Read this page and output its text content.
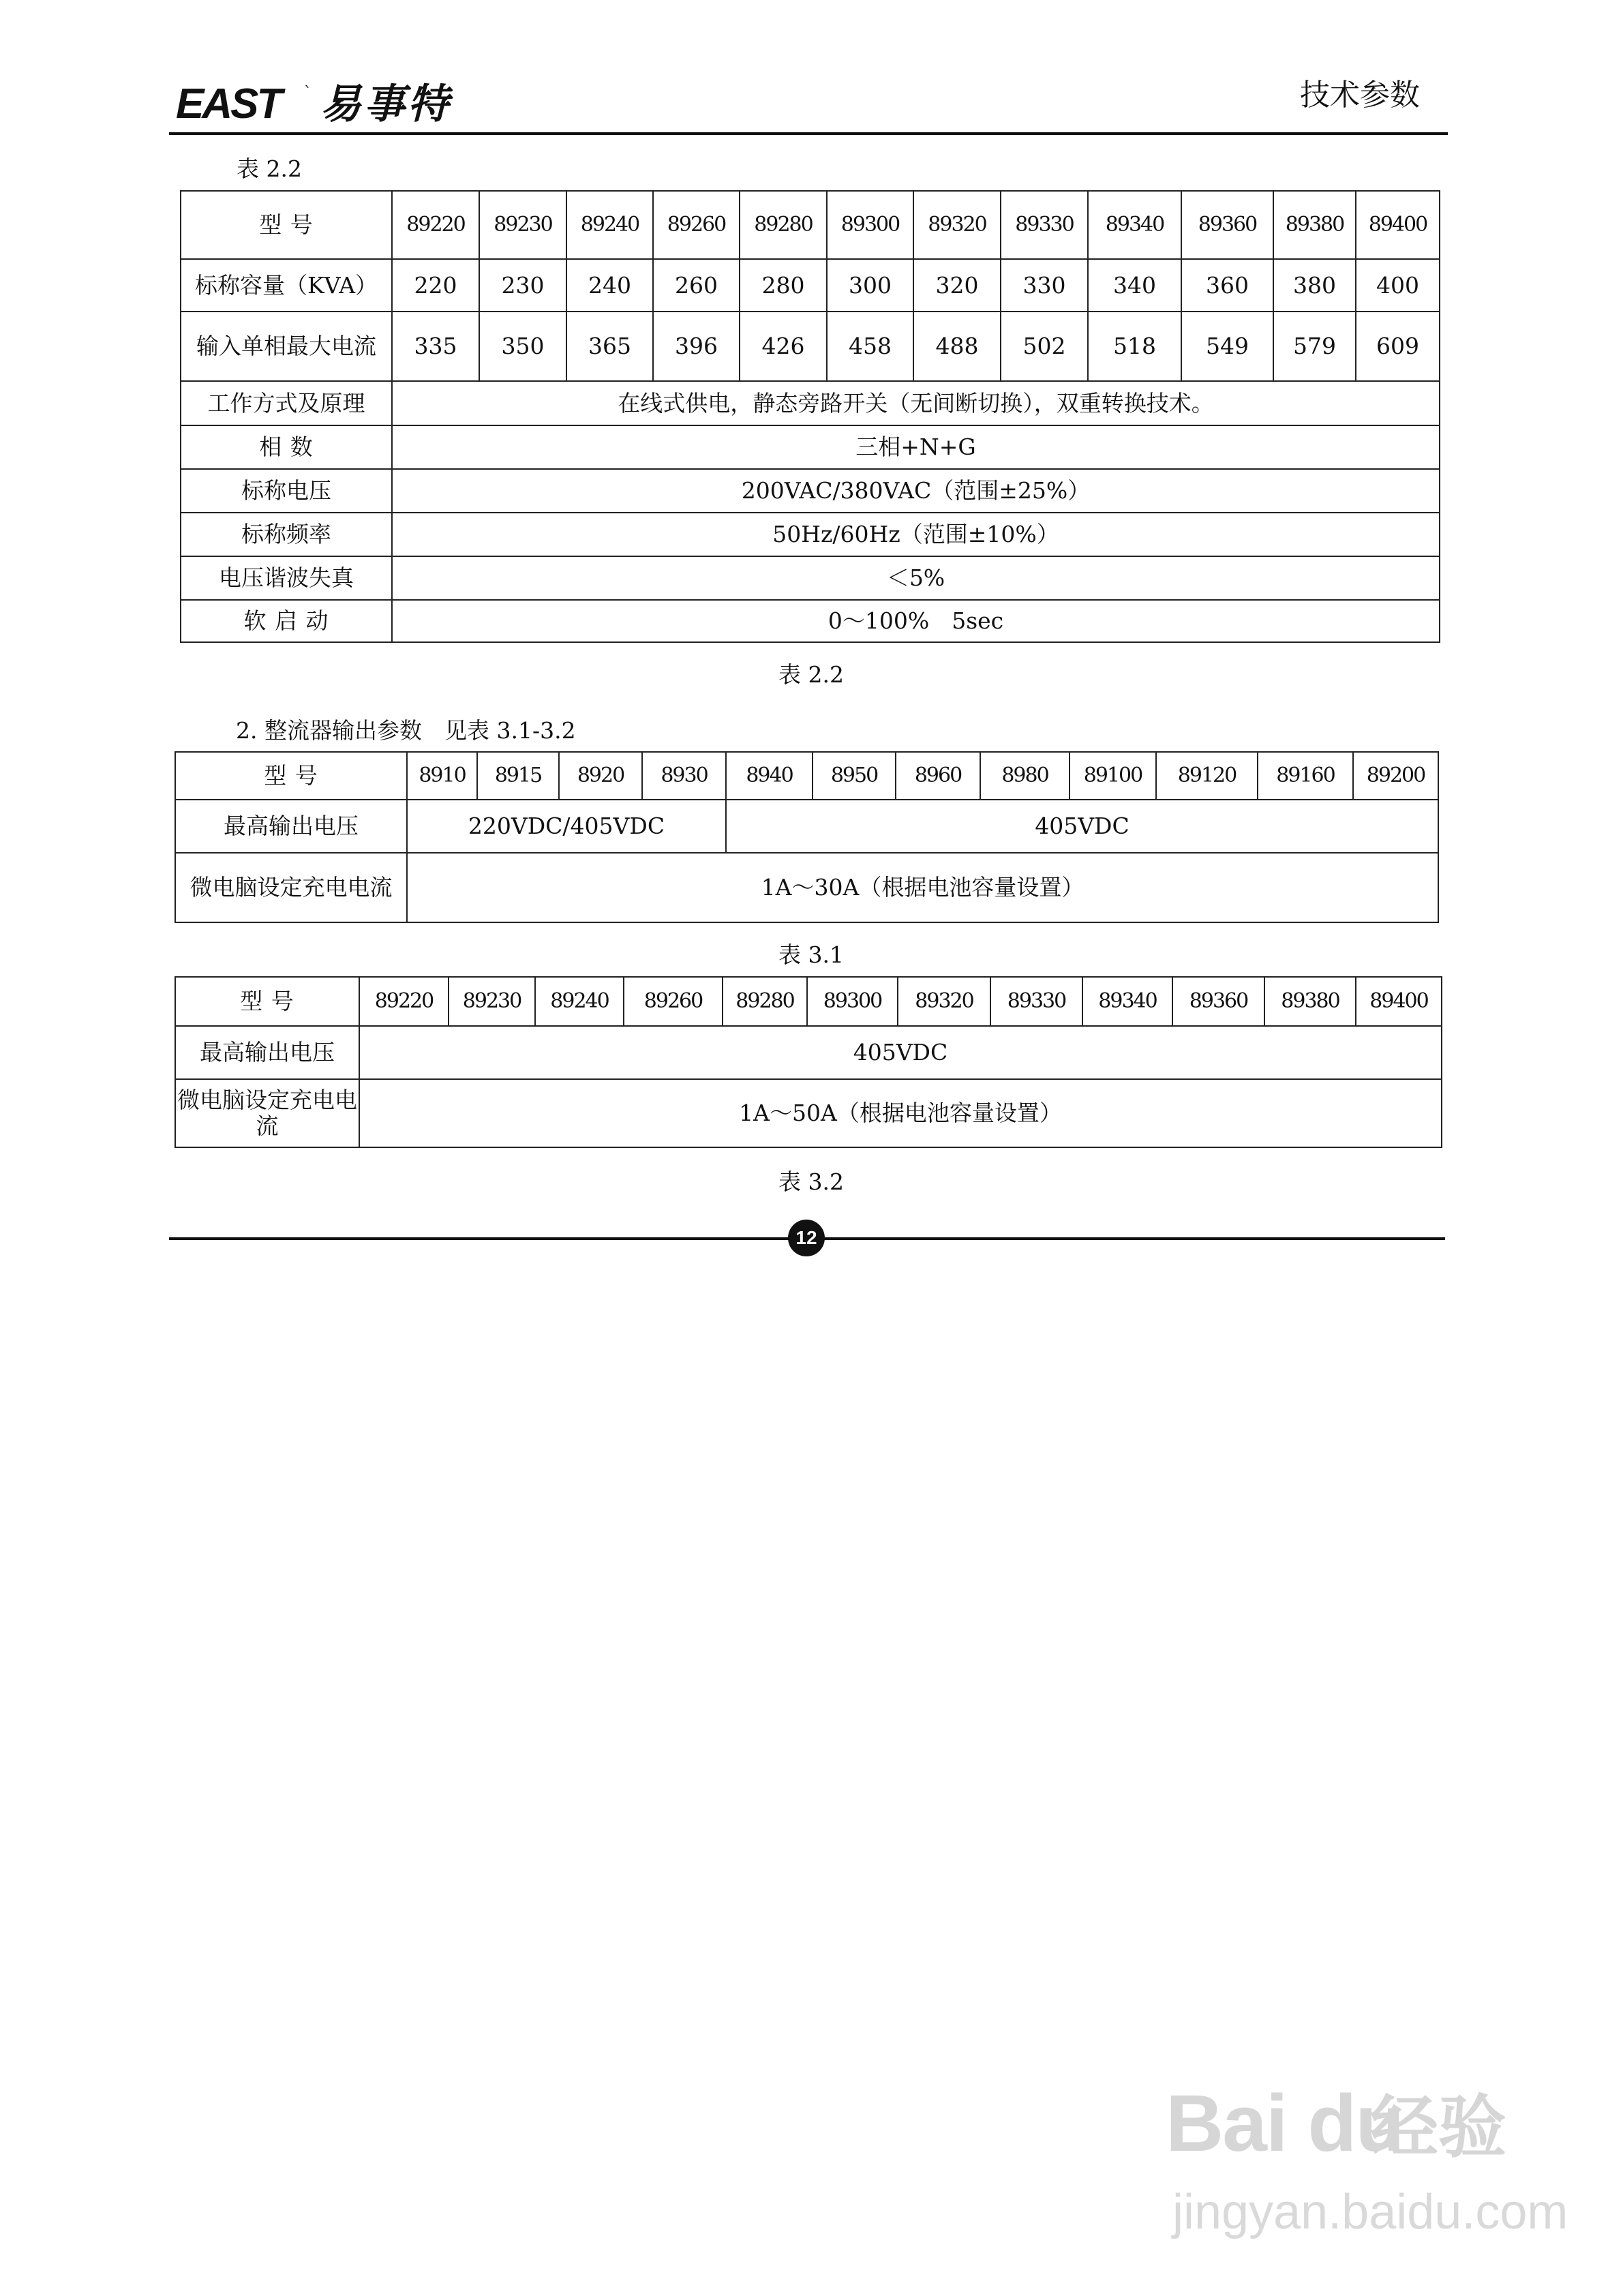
EAST ˋ 易事特	技术参数
表 2.2
型 号	89220	89230	89240	89260	89280	89300	89320	89330	89340	89360	89380	89400
标称容量（KVA）	220	230	240	260	280	300	320	330	340	360	380	400
输入单相最大电流	335	350	365	396	426	458	488	502	518	549	579	609
工作方式及原理	在线式供电，静态旁路开关（无间断切换），双重转换技术。											
相 数	三相+N+G											
标称电压	200VAC/380VAC（范围±25%）											
标称频率	50Hz/60Hz（范围±10%）											
电压谐波失真	＜5%											
软 启 动	0～100%　5sec											
表 2.2
2. 整流器输出参数　见表 3.1-3.2
型 号	8910	8915	8920	8930	8940	8950	8960	8980	89100	89120	89160	89200
最高输出电压	220VDC/405VDC				405VDC							
微电脑设定充电电流	1A～30A（根据电池容量设置）											
表 3.1
型 号	89220	89230	89240	89260	89280	89300	89320	89330	89340	89360	89380	89400
最高输出电压	405VDC											
微电脑设定充电电流	1A～50A（根据电池容量设置）											
表 3.2
12
Bai du
经验
jingyan.baidu.com
